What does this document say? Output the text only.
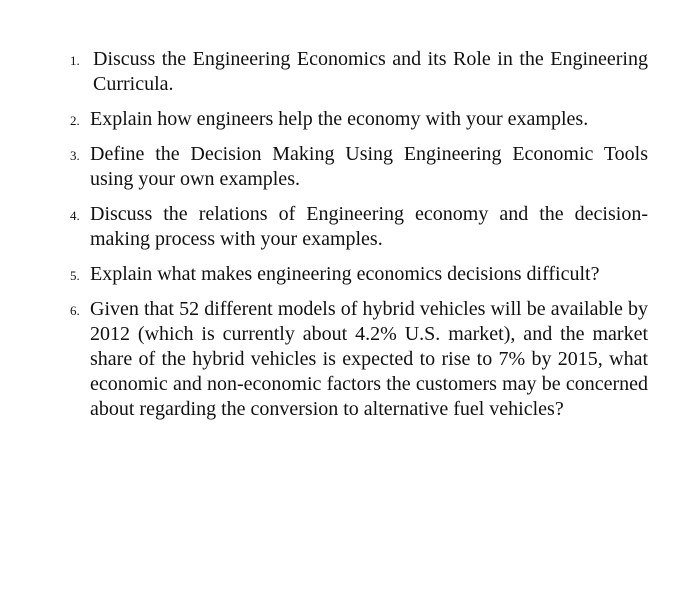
1. Discuss the Engineering Economics and its Role in the Engineering Curricula.
2. Explain how engineers help the economy with your examples.
3. Define the Decision Making Using Engineering Economic Tools using your own examples.
4. Discuss the relations of Engineering economy and the decision-making process with your examples.
5. Explain what makes engineering economics decisions difficult?
6. Given that 52 different models of hybrid vehicles will be available by 2012 (which is currently about 4.2% U.S. market), and the market share of the hybrid vehicles is expected to rise to 7% by 2015, what economic and non-economic factors the customers may be concerned about regarding the conversion to alternative fuel vehicles?
